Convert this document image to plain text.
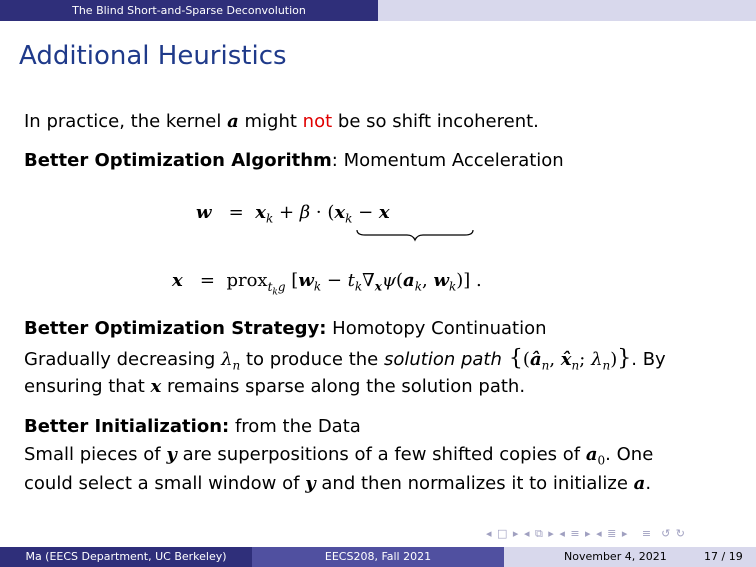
The Blind Short-and-Sparse Deconvolution
Additional Heuristics
In practice, the kernel a might not be so shift incoherent.
Better Optimization Algorithm: Momentum Acceleration
$w = x_k + \beta \cdot (x_k - x$
x   =  prox$_{t_kg}$ [$w_k - t_k\nabla_x\psi(a_k$, $w_k$)] .
Better Optimization Strategy: Homotopy Continuation
Gradually decreasing $\lambda_n$ to produce the solution path {($â_n$, $x̂_n$; $\lambda_n$)}. By
ensuring that x remains sparse along the solution path.
Better Initialization: from the Data
Small pieces of y are superpositions of a few shifted copies of $a_0$. One
could select a small window of y and then normalizes it to initialize a.
◂ □ ▸ ◂ ⧉ ▸ ◂ ≡ ▸ ◂ ≣ ▸   ≡  ↺ ↻
Ma (EECS Department, UC Berkeley)	EECS208, Fall 2021	November 4, 2021	17 / 19
